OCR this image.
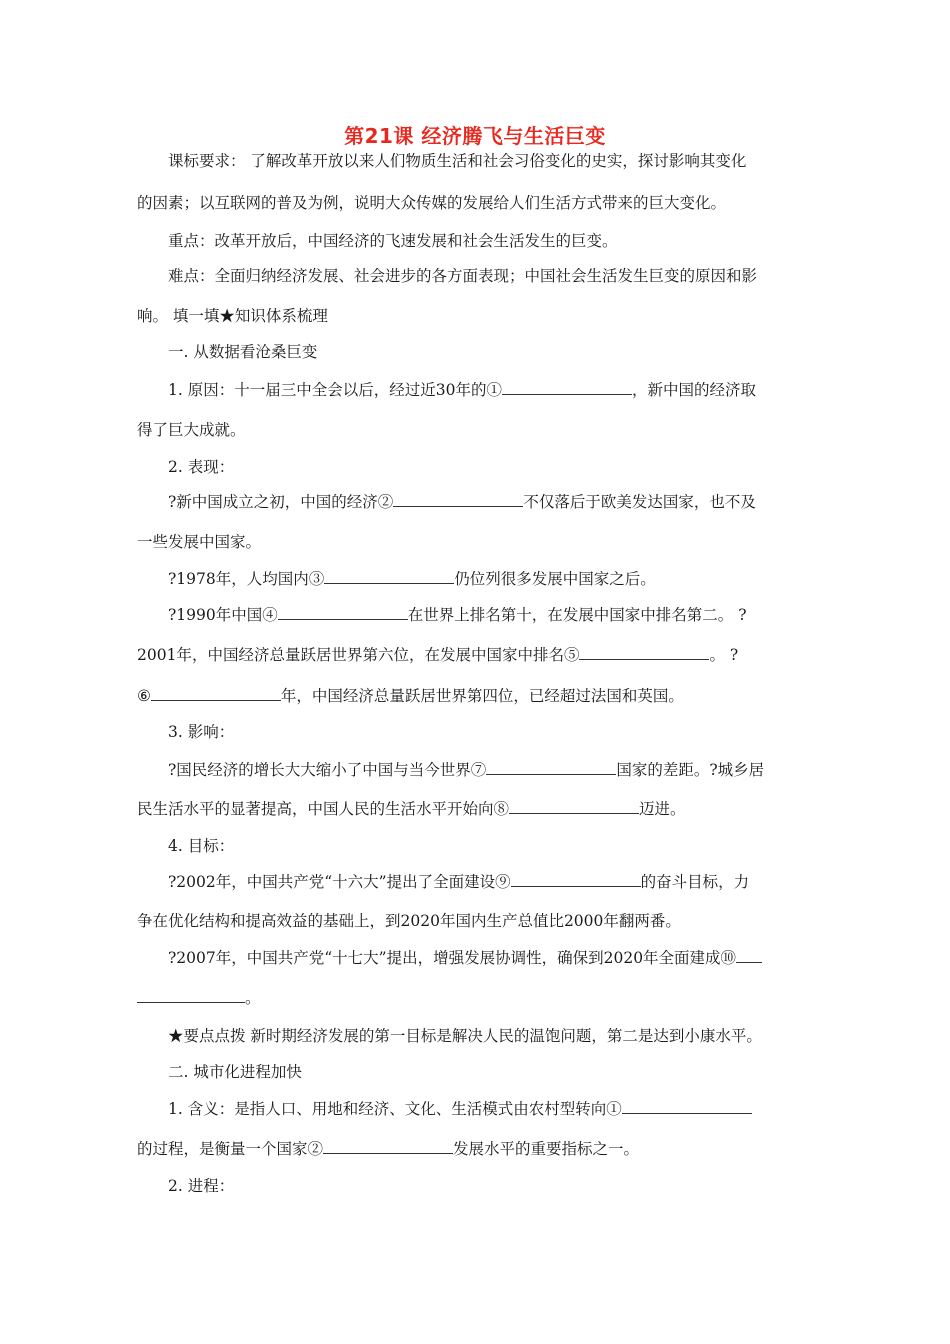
第21课 经济腾飞与生活巨变
课标要求： 了解改革开放以来人们物质生活和社会习俗变化的史实，探讨影响其变化
的因素；以互联网的普及为例，说明大众传媒的发展给人们生活方式带来的巨大变化。
重点：改革开放后，中国经济的飞速发展和社会生活发生的巨变。
难点：全面归纳经济发展、社会进步的各方面表现；中国社会生活发生巨变的原因和影
响。 填一填★知识体系梳理
一. 从数据看沧桑巨变
1. 原因：十一届三中全会以后，经过近30年的①	，新中国的经济取
得了巨大成就。
2. 表现：
?新中国成立之初，中国的经济②	不仅落后于欧美发达国家，也不及
一些发展中国家。
?1978年，人均国内③	仍位列很多发展中国家之后。
?1990年中国④	在世界上排名第十，在发展中国家中排名第二。 ?
2001年，中国经济总量跃居世界第六位，在发展中国家中排名⑤	。 ?
⑥	年，中国经济总量跃居世界第四位，已经超过法国和英国。
3. 影响：
?国民经济的增长大大缩小了中国与当今世界⑦	国家的差距。?城乡居
民生活水平的显著提高，中国人民的生活水平开始向⑧	迈进。
4. 目标：
?2002年，中国共产党“十六大”提出了全面建设⑨	的奋斗目标，力
争在优化结构和提高效益的基础上，到2020年国内生产总值比2000年翻两番。
?2007年，中国共产党“十七大”提出，增强发展协调性，确保到2020年全面建成⑩
。
★要点点拨 新时期经济发展的第一目标是解决人民的温饱问题，第二是达到小康水平。
二. 城市化进程加快
1. 含义：是指人口、用地和经济、文化、生活模式由农村型转向①
的过程，是衡量一个国家②	发展水平的重要指标之一。
2. 进程：
